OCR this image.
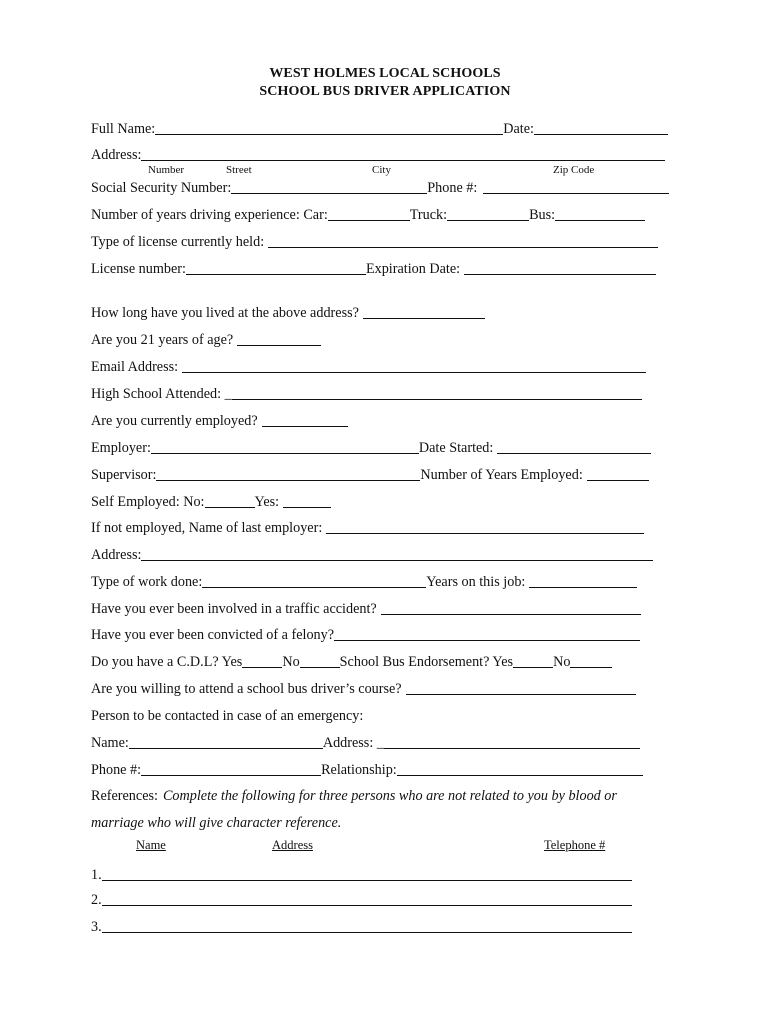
WEST HOLMES LOCAL SCHOOLS
SCHOOL BUS DRIVER APPLICATION
Full Name:	Date:
Address:
Number	Street	City	Zip Code
Social Security Number:	Phone #:
Number of years driving experience: Car:	Truck:	Bus:
Type of license currently held:
License number:	Expiration Date:
How long have you lived at the above address?
Are you 21 years of age?
Email Address:
High School Attended: _
Are you currently employed?
Employer:	Date Started:
Supervisor:	Number of Years Employed:
Self Employed: No:	Yes:
If not employed, Name of last employer:
Address:
Type of work done:	Years on this job:
Have you ever been involved in a traffic accident?
Have you ever been convicted of a felony?
Do you have a C.D.L? Yes	No	School Bus Endorsement? Yes	No
Are you willing to attend a school bus driver’s course?
Person to be contacted in case of an emergency:
Name:	Address: _
Phone #:	Relationship:
References: Complete the following for three persons who are not related to you by blood or
marriage who will give character reference.
Name	Address	Telephone #
1.
2.
3.
